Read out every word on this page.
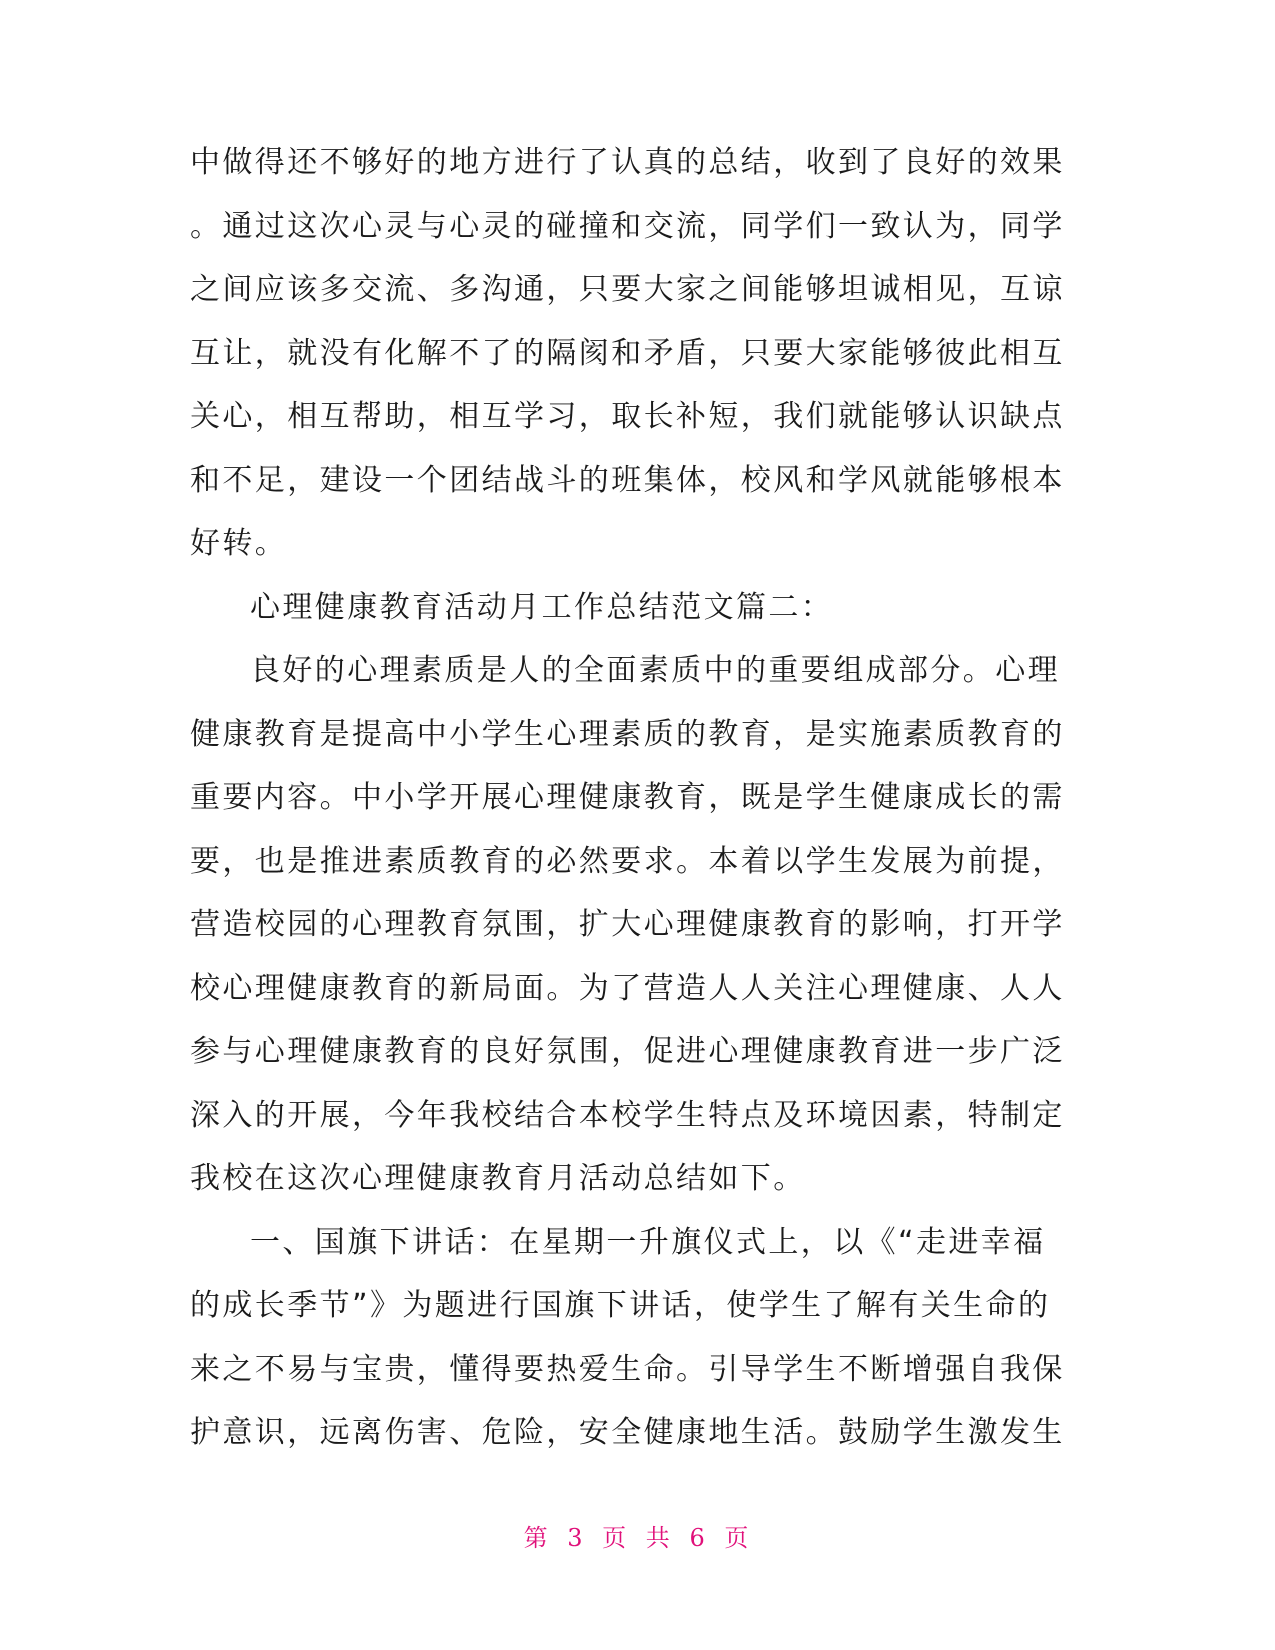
中做得还不够好的地方进行了认真的总结，收到了良好的效果
。通过这次心灵与心灵的碰撞和交流，同学们一致认为，同学
之间应该多交流、多沟通，只要大家之间能够坦诚相见，互谅
互让，就没有化解不了的隔阂和矛盾，只要大家能够彼此相互
关心，相互帮助，相互学习，取长补短，我们就能够认识缺点
和不足，建设一个团结战斗的班集体，校风和学风就能够根本
好转。
心理健康教育活动月工作总结范文篇二：
良好的心理素质是人的全面素质中的重要组成部分。心理
健康教育是提高中小学生心理素质的教育，是实施素质教育的
重要内容。中小学开展心理健康教育，既是学生健康成长的需
要，也是推进素质教育的必然要求。本着以学生发展为前提，
营造校园的心理教育氛围，扩大心理健康教育的影响，打开学
校心理健康教育的新局面。为了营造人人关注心理健康、人人
参与心理健康教育的良好氛围，促进心理健康教育进一步广泛
深入的开展，今年我校结合本校学生特点及环境因素，特制定
我校在这次心理健康教育月活动总结如下。
一、国旗下讲话：在星期一升旗仪式上，以《“走进幸福
的成长季节”》为题进行国旗下讲话，使学生了解有关生命的
来之不易与宝贵，懂得要热爱生命。引导学生不断增强自我保
护意识，远离伤害、危险，安全健康地生活。鼓励学生激发生
第 3 页 共 6 页
